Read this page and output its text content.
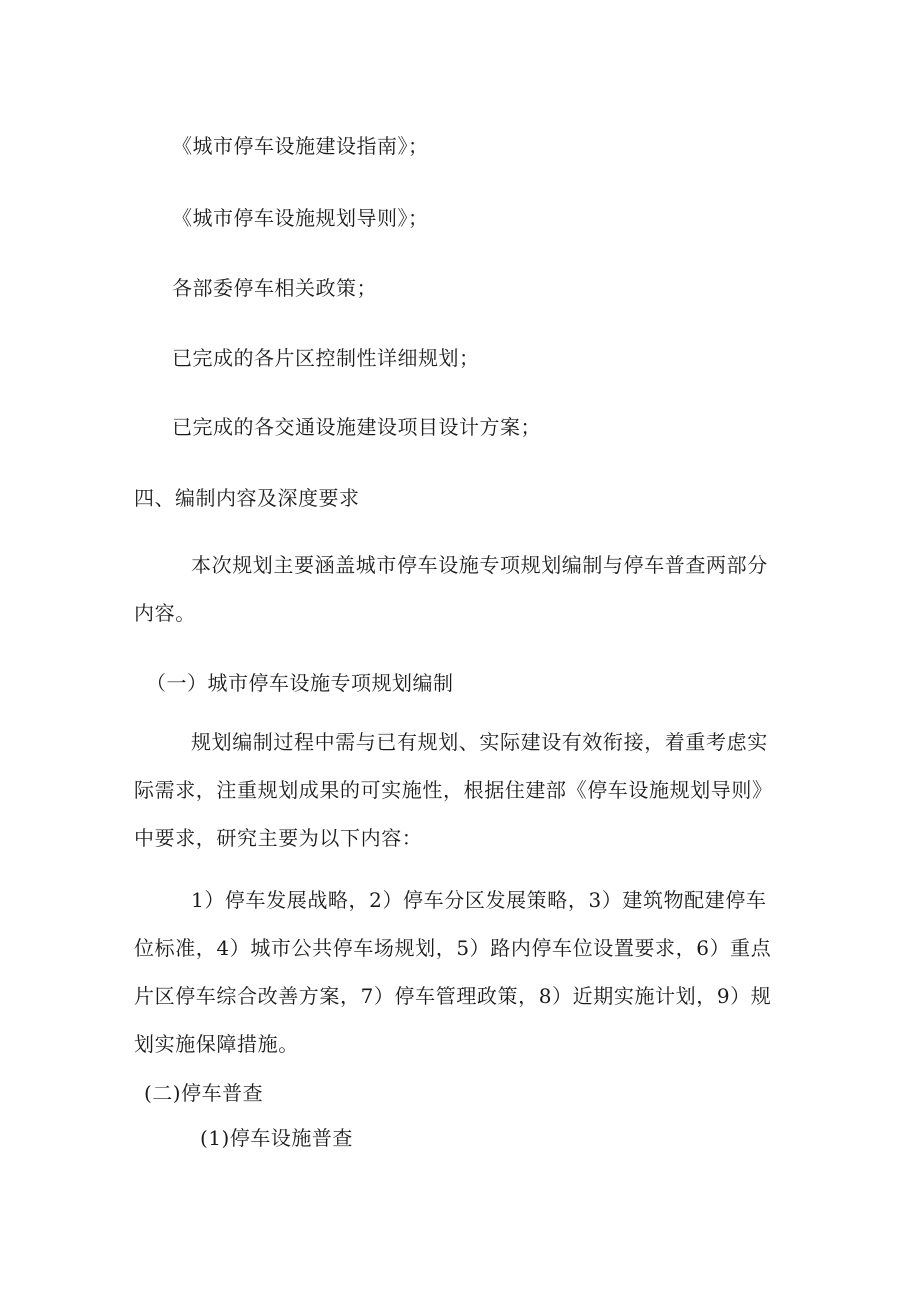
《城市停车设施建设指南》；
《城市停车设施规划导则》；
各部委停车相关政策；
已完成的各片区控制性详细规划；
已完成的各交通设施建设项目设计方案；
四、编制内容及深度要求
本次规划主要涵盖城市停车设施专项规划编制与停车普查两部分内容。
（一）城市停车设施专项规划编制
规划编制过程中需与已有规划、实际建设有效衔接，着重考虑实际需求，注重规划成果的可实施性，根据住建部《停车设施规划导则》中要求，研究主要为以下内容：
1）停车发展战略，2）停车分区发展策略，3）建筑物配建停车位标准，4）城市公共停车场规划，5）路内停车位设置要求，6）重点片区停车综合改善方案，7）停车管理政策，8）近期实施计划，9）规划实施保障措施。
(二)停车普查
(1)停车设施普查
